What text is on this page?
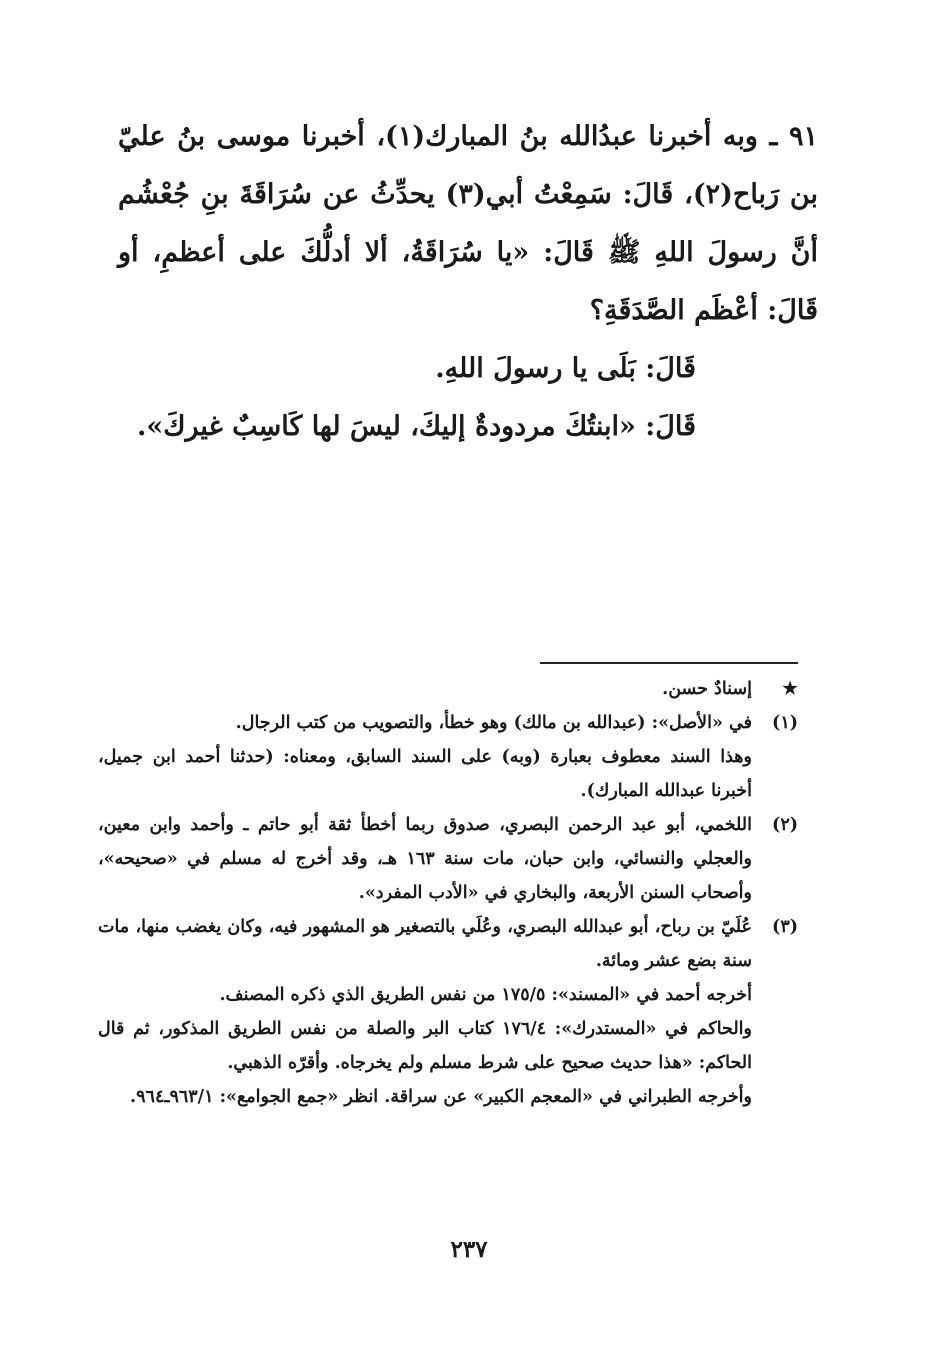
٩١ ـ وبه أخبرنا عبدُالله بنُ المبارك(١)، أخبرنا موسى بنُ عليّ بن رَباح(٢)، قَالَ: سَمِعْتُ أبي(٣) يحدِّثُ عن سُرَاقَةَ بنِ جُعْشُم أنَّ رسولَ اللهِ ﷺ قَالَ: «يا سُرَاقَةُ، ألا أدلُّكَ على أعظمِ، أو قَالَ: أعْظَم الصَّدَقَةِ؟

قَالَ: بَلَى يا رسولَ اللهِ.

قَالَ: «ابنتُكَ مردودةٌ إليكَ، ليسَ لها كَاسِبٌ غيركَ».

★

إسنادٌ حسن.

(١)

في «الأصل»: (عبدالله بن مالك) وهو خطأ، والتصويب من كتب الرجال.

وهذا السند معطوف بعبارة (وبه) على السند السابق، ومعناه: (حدثنا أحمد ابن جميل، أخبرنا عبدالله المبارك).

(٢)

اللخمي، أبو عبد الرحمن البصري، صدوق ربما أخطأ ثقة أبو حاتم ـ وأحمد وابن معين، والعجلي والنسائي، وابن حبان، مات سنة ١٦٣ هـ، وقد أخرج له مسلم في «صحيحه»، وأصحاب السنن الأربعة، والبخاري في «الأدب المفرد».

(٣)

عُلَيّ بن رباح، أبو عبدالله البصري، وعُلَي بالتصغير هو المشهور فيه، وكان يغضب منها، مات سنة بضع عشر ومائة.

أخرجه أحمد في «المسند»: ١٧٥/٥ من نفس الطريق الذي ذكره المصنف.

والحاكم في «المستدرك»: ١٧٦/٤ كتاب البر والصلة من نفس الطريق المذكور، ثم قال الحاكم: «هذا حديث صحيح على شرط مسلم ولم يخرجاه. وأقرّه الذهبي.

وأخرجه الطبراني في «المعجم الكبير» عن سراقة. انظر «جمع الجوامع»: ٩٦٣/١ـ٩٦٤.

٢٣٧
